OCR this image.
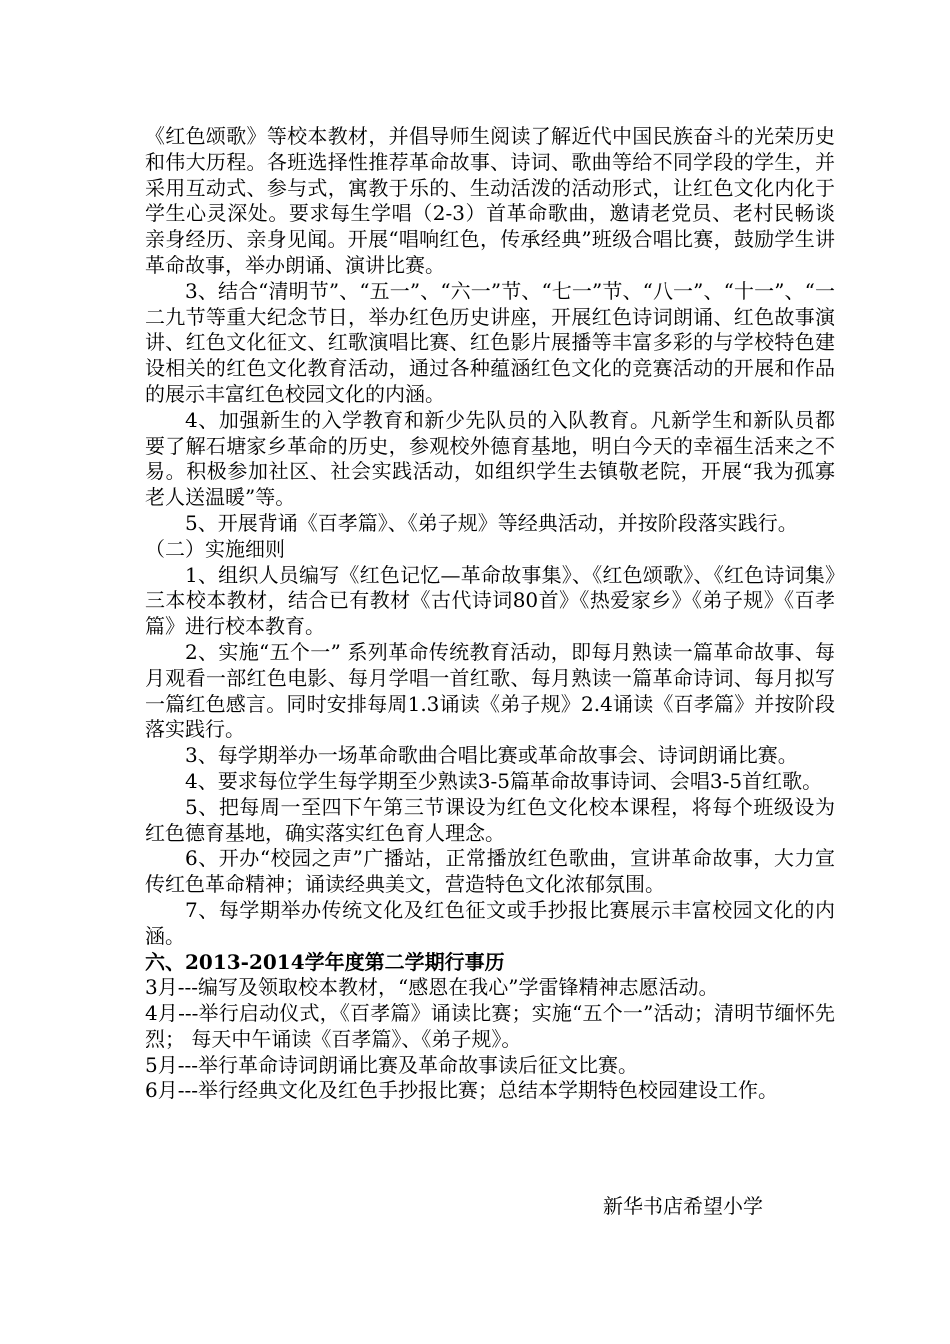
《红色颂歌》等校本教材，并倡导师生阅读了解近代中国民族奋斗的光荣历史和伟大历程。各班选择性推荐革命故事、诗词、歌曲等给不同学段的学生，并采用互动式、参与式，寓教于乐的、生动活泼的活动形式，让红色文化内化于学生心灵深处。要求每生学唱（2-3）首革命歌曲，邀请老党员、老村民畅谈亲身经历、亲身见闻。开展“唱响红色，传承经典”班级合唱比赛，鼓励学生讲革命故事，举办朗诵、演讲比赛。

3、结合“清明节”、“五一”、“六一”节、“七一”节、“八一”、“十一”、“一二九节等重大纪念节日，举办红色历史讲座，开展红色诗词朗诵、红色故事演讲、红色文化征文、红歌演唱比赛、红色影片展播等丰富多彩的与学校特色建设相关的红色文化教育活动，通过各种蕴涵红色文化的竞赛活动的开展和作品的展示丰富红色校园文化的内涵。

4、加强新生的入学教育和新少先队员的入队教育。凡新学生和新队员都要了解石塘家乡革命的历史，参观校外德育基地，明白今天的幸福生活来之不易。积极参加社区、社会实践活动，如组织学生去镇敬老院，开展“我为孤寡老人送温暖”等。

5、开展背诵《百孝篇》、《弟子规》等经典活动，并按阶段落实践行。

（二）实施细则

1、组织人员编写《红色记忆—革命故事集》、《红色颂歌》、《红色诗词集》三本校本教材，结合已有教材《古代诗词80首》《热爱家乡》《弟子规》《百孝篇》进行校本教育。

2、实施“五个一” 系列革命传统教育活动，即每月熟读一篇革命故事、每月观看一部红色电影、每月学唱一首红歌、每月熟读一篇革命诗词、每月拟写一篇红色感言。同时安排每周1.3诵读《弟子规》2.4诵读《百孝篇》并按阶段落实践行。

3、每学期举办一场革命歌曲合唱比赛或革命故事会、诗词朗诵比赛。

4、要求每位学生每学期至少熟读3-5篇革命故事诗词、会唱3-5首红歌。

5、把每周一至四下午第三节课设为红色文化校本课程，将每个班级设为红色德育基地，确实落实红色育人理念。

6、开办“校园之声”广播站，正常播放红色歌曲，宣讲革命故事，大力宣传红色革命精神；诵读经典美文，营造特色文化浓郁氛围。

7、每学期举办传统文化及红色征文或手抄报比赛展示丰富校园文化的内涵。

六、2013-2014学年度第二学期行事历

3月---编写及领取校本教材，“感恩在我心”学雷锋精神志愿活动。

4月---举行启动仪式，《百孝篇》诵读比赛；实施“五个一”活动；清明节缅怀先烈； 每天中午诵读《百孝篇》、《弟子规》。

5月---举行革命诗词朗诵比赛及革命故事读后征文比赛。

6月---举行经典文化及红色手抄报比赛；总结本学期特色校园建设工作。

新华书店希望小学
